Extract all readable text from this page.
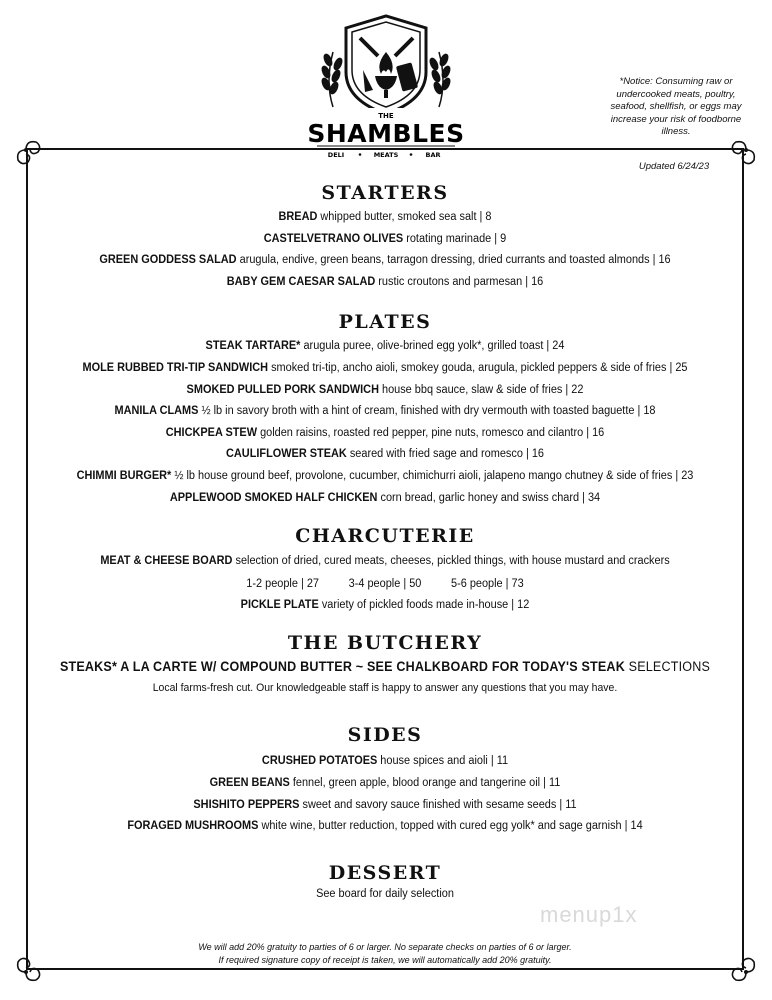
THE
SHAMBLES
DELI	MEATS	BAR
*Notice: Consuming raw or undercooked meats, poultry, seafood, shellfish, or eggs may increase your risk of foodborne illness.
Updated 6/24/23
STARTERS

BREAD whipped butter, smoked sea salt | 8

CASTELVETRANO OLIVES rotating marinade | 9

GREEN GODDESS SALAD arugula, endive, green beans, tarragon dressing, dried currants and toasted almonds | 16

BABY GEM CAESAR SALAD rustic croutons and parmesan | 16

PLATES

STEAK TARTARE* arugula puree, olive-brined egg yolk*, grilled toast | 24

MOLE RUBBED TRI-TIP SANDWICH smoked tri-tip, ancho aioli, smokey gouda, arugula, pickled peppers & side of fries | 25

SMOKED PULLED PORK SANDWICH house bbq sauce, slaw & side of fries | 22

MANILA CLAMS ½ lb in savory broth with a hint of cream, finished with dry vermouth with toasted baguette | 18

CHICKPEA STEW golden raisins, roasted red pepper, pine nuts, romesco and cilantro | 16

CAULIFLOWER STEAK seared with fried sage and romesco | 16

CHIMMI BURGER* ½ lb house ground beef, provolone, cucumber, chimichurri aioli, jalapeno mango chutney & side of fries | 23

APPLEWOOD SMOKED HALF CHICKEN corn bread, garlic honey and swiss chard | 34

CHARCUTERIE

MEAT & CHEESE BOARD selection of dried, cured meats, cheeses, pickled things, with house mustard and crackers

1-2 people | 27	3-4 people | 50	5-6 people | 73

PICKLE PLATE variety of pickled foods made in-house | 12

THE BUTCHERY

STEAKS* A LA CARTE W/ COMPOUND BUTTER ~ SEE CHALKBOARD FOR TODAY'S STEAK SELECTIONS

Local farms-fresh cut. Our knowledgeable staff is happy to answer any questions that you may have.

SIDES

CRUSHED POTATOES house spices and aioli | 11

GREEN BEANS fennel, green apple, blood orange and tangerine oil | 11

SHISHITO PEPPERS sweet and savory sauce finished with sesame seeds | 11

FORAGED MUSHROOMS white wine, butter reduction, topped with cured egg yolk* and sage garnish | 14

DESSERT

See board for daily selection

menup1x
We will add 20% gratuity to parties of 6 or larger. No separate checks on parties of 6 or larger.
If required signature copy of receipt is taken, we will automatically add 20% gratuity.
